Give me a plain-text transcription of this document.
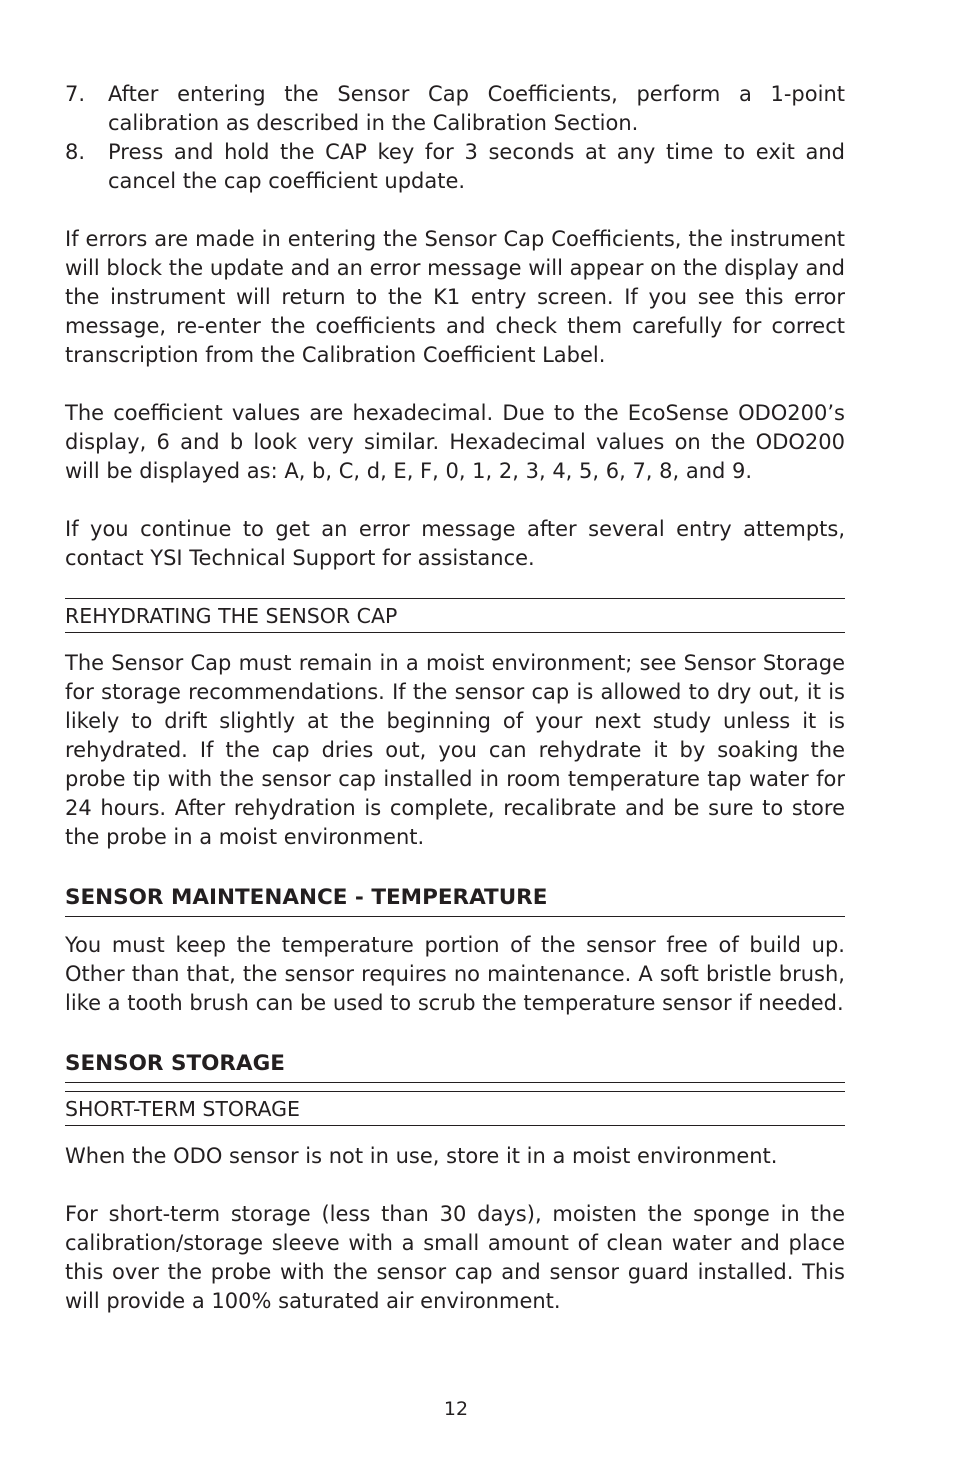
7.	After entering the Sensor Cap Coefficients, perform a 1-point calibration as described in the Calibration Section.
8.	Press and hold the CAP key for 3 seconds at any time to exit and cancel the cap coefficient update.

If errors are made in entering the Sensor Cap Coefficients, the instrument will block the update and an error message will appear on the display and the instrument will return to the K1 entry screen. If you see this error message, re-enter the coefficients and check them carefully for correct transcription from the Calibration Coefficient Label.

The coefficient values are hexadecimal. Due to the EcoSense ODO200’s display, 6 and b look very similar. Hexadecimal values on the ODO200 will be displayed as: A, b, C, d, E, F, 0, 1, 2, 3, 4, 5, 6, 7, 8, and 9.

If you continue to get an error message after several entry attempts, contact YSI Technical Support for assistance.

REHYDRATING THE SENSOR CAP

The Sensor Cap must remain in a moist environment; see Sensor Storage for storage recommendations. If the sensor cap is allowed to dry out, it is likely to drift slightly at the beginning of your next study unless it is rehydrated. If the cap dries out, you can rehydrate it by soaking the probe tip with the sensor cap installed in room temperature tap water for 24 hours. After rehydration is complete, recalibrate and be sure to store the probe in a moist environment.

SENSOR MAINTENANCE - TEMPERATURE

You must keep the temperature portion of the sensor free of build up. Other than that, the sensor requires no maintenance. A soft bristle brush, like a tooth brush can be used to scrub the temperature sensor if needed.

SENSOR STORAGE
SHORT-TERM STORAGE

When the ODO sensor is not in use, store it in a moist environment.

For short-term storage (less than 30 days), moisten the sponge in the calibration/storage sleeve with a small amount of clean water and place this over the probe with the sensor cap and sensor guard installed. This will provide a 100% saturated air environment.

12
